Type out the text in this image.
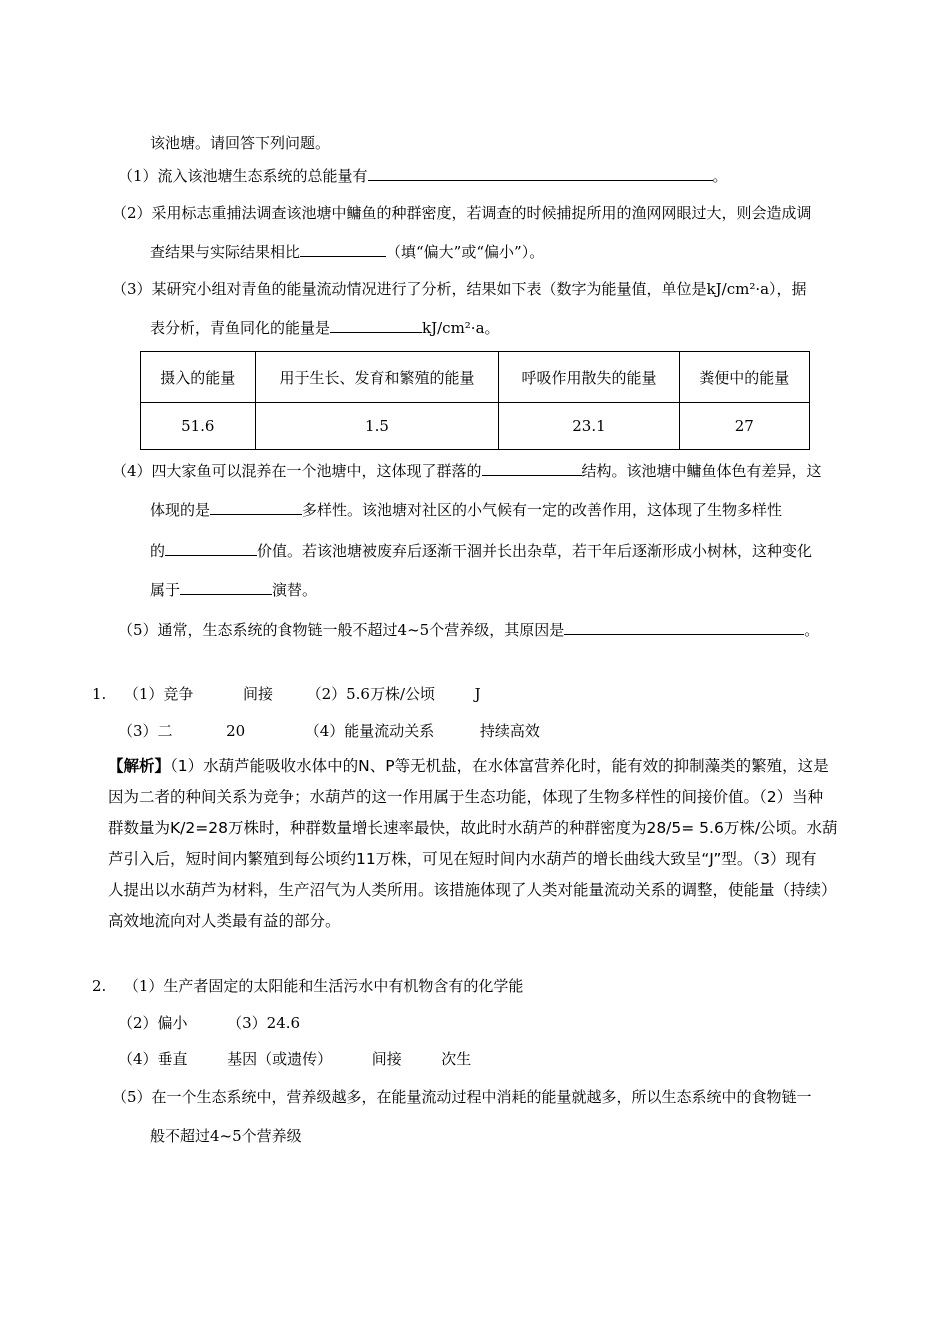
该池塘。请回答下列问题。
（1）流入该池塘生态系统的总能量有	。
（2）采用标志重捕法调查该池塘中鳙鱼的种群密度，若调查的时候捕捉所用的渔网网眼过大，则会造成调
查结果与实际结果相比	（填“偏大”或“偏小”）。
（3）某研究小组对青鱼的能量流动情况进行了分析，结果如下表（数字为能量值，单位是kJ/cm²·a），据
表分析，青鱼同化的能量是	kJ/cm²·a。
摄入的能量	用于生长、发育和繁殖的能量	呼吸作用散失的能量	粪便中的能量
51.6	1.5	23.1	27
（4）四大家鱼可以混养在一个池塘中，这体现了群落的	结构。该池塘中鳙鱼体色有差异，这
体现的是	多样性。该池塘对社区的小气候有一定的改善作用，这体现了生物多样性
的	价值。若该池塘被废弃后逐渐干涸并长出杂草，若干年后逐渐形成小树林，这种变化
属于	演替。
（5）通常，生态系统的食物链一般不超过4~5个营养级，其原因是	。
1. （1）竞争	间接 （2）5.6万株/公顷	J
（3）二	20	（4）能量流动关系	持续高效
【解析】（1）水葫芦能吸收水体中的N、P等无机盐，在水体富营养化时，能有效的抑制藻类的繁殖，这是
因为二者的种间关系为竞争；水葫芦的这一作用属于生态功能，体现了生物多样性的间接价值。（2）当种
群数量为K/2=28万株时，种群数量增长速率最快，故此时水葫芦的种群密度为28/5= 5.6万株/公顷。水葫
芦引入后，短时间内繁殖到每公顷约11万株，可见在短时间内水葫芦的增长曲线大致呈“J”型。（3）现有
人提出以水葫芦为材料，生产沼气为人类所用。该措施体现了人类对能量流动关系的调整，使能量（持续）
高效地流向对人类最有益的部分。
2. （1）生产者固定的太阳能和生活污水中有机物含有的化学能
（2）偏小	（3）24.6
（4）垂直	基因（或遗传）	间接	次生
（5）在一个生态系统中，营养级越多，在能量流动过程中消耗的能量就越多，所以生态系统中的食物链一
般不超过4~5个营养级
